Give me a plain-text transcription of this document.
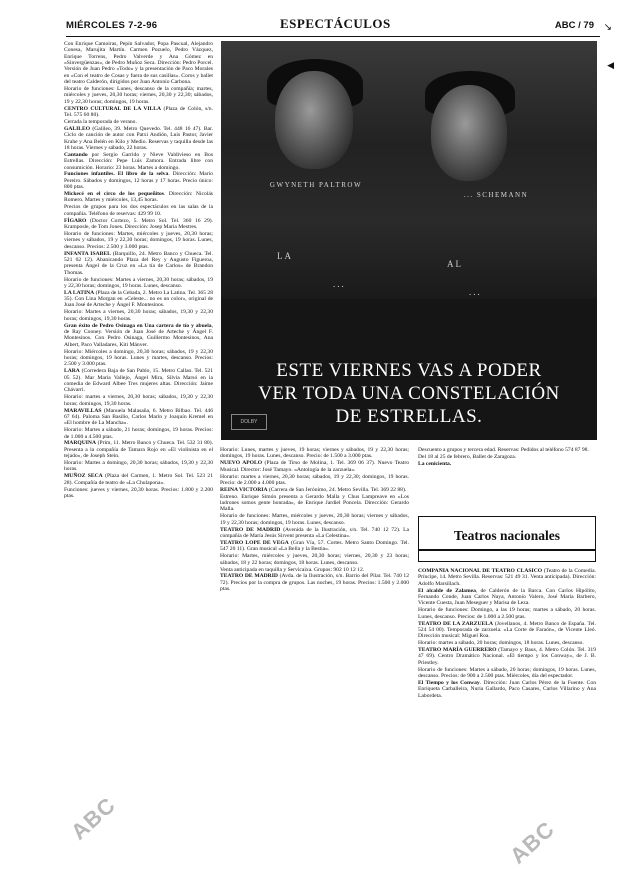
MIÉRCOLES 7-2-96	ESPECTÁCULOS	ABC / 79 ↘
◀

Con Enrique Camoiras, Pepín Salvador, Popa Pascual, Alejandro Conesa, Marujita Martín. Carmen Pozuelo, Pedro Vázquez, Enrique Torrens, Pedro Valverde y Ana Gómez en «Sinvergüenzas», de Pedro Muñoz Seca. Dirección: Pedro Porcel. Versión de Juan Pedro «Todo» y la presentación de Paco Morales en «Con el teatro de Cosas y fuera de sus casillas». Coros y ballet del teatro Calderón, dirigidos por Juan Antonio Carbona.

Horario de funciones: Lunes, descanso de la compañía; martes, miércoles y jueves, 20,30 horas; viernes, 20,30 y 22,30; sábados, 19 y 22,30 horas; domingos, 19 horas.

CENTRO CULTURAL DE LA VILLA (Plaza de Colón, s/n. Tel. 575 60 80).

Cerrada la temporada de verano.

GALILEO (Galileo, 39. Metro Quevedo. Tel. 448 16 47). Bar. Ciclo de canción de autor con Patxi Andión, Luis Pastor, Javier Krahe y Ana Belén en Kilo y Medio. Reservas y taquilla desde las 18 horas. Viernes y sábado, 22 horas.

Cantando por Sergio Garrido y Nieve Valdivieso en Bos Estrellas. Dirección: Pepe Luis Zamora. Entrada libre con consumición. Horario: 23 horas. Martes a domingo.

Funciones infantiles. El libro de la selva. Dirección: Mario Pereiro. Sábados y domingos, 12 horas y 17 horas. Precio único: 800 ptas.

Mickecé en el circo de los pequeñitos. Dirección: Nicolás Romero. Martes y miércoles, 13,45 horas.

Precios de grupos para los dos espectáculos en las salas de la compañía. Teléfono de reservas: 429 99 10.

FÍGARO (Doctor Cortezo, 5. Metro Sol. Tel. 360 16 29). Kramposle, de Tom Jones. Dirección: Josep Maria Mestres.

Horario de funciones: Martes, miércoles y jueves, 20,30 horas; viernes y sábados, 19 y 22,30 horas; domingos, 19 horas. Lunes, descanso. Precios: 2.500 y 3.000 ptas.

INFANTA ISABEL (Barquillo, 24. Metro Banco y Chueca. Tel. 521 02 12). Abanicando Plaza del Rey y Augusto Figueroa, presenta Ángel de la Cruz en «La tía de Carlos» de Brandon Thomas.

Horario de funciones: Martes a viernes, 20,30 horas; sábados, 19 y 22,30 horas; domingos, 19 horas. Lunes, descanso.

LA LATINA (Plaza de la Cebada, 2. Metro La Latina. Tel. 365 28 35). Con Lina Morgan en «Celeste... no es un color», original de Juan José de Arteche y Ángel F. Montesinos.

Horario: Martes a viernes, 20,30 horas; sábados, 19,30 y 22,30 horas; domingos, 19,30 horas.

Gran éxito de Pedro Osinaga en Una cartera de tío y abuela, de Ray Cooney. Versión de Juan José de Arteche y Ángel F. Montesinos. Con Pedro Osinaga, Guillermo Montesinos, Ana Albert, Paco Valladares, Kiti Mánver.

Horario: Miércoles a domingo, 20,30 horas; sábados, 19 y 22,30 horas; domingos, 19 horas. Lunes y martes, descanso. Precios: 2.500 y 3.000 ptas.

LARA (Corredera Baja de San Pablo, 15. Metro Callao. Tel. 521 05 52). Mar María Vallejo, Ángel Mira, Silvia Marsó en la comedia de Edward Albee Tres mujeres altas. Dirección: Jaime Chávarri.

Horario: martes a viernes, 20,30 horas; sábados, 19,30 y 22,30 horas; domingos, 19,30 horas.

MARAVILLAS (Manuela Malasaña, 6. Metro Bilbao. Tel. 446 67 64). Paloma San Basilio, Carlos Marín y Joaquín Kremel en «El hombre de La Mancha».

Horario: Martes a sábado, 21 horas; domingos, 19 horas. Precios: de 1.000 a 4.500 ptas.

MARQUINA (Prim, 11. Metro Banco y Chueca. Tel. 532 31 80). Presenta a la compañía de Tamara Rojo en «El violinista en el tejado», de Joseph Stein.

Horario: Martes a domingo, 20,30 horas; sábados, 19,30 y 22,30 horas.

MUÑOZ SECA (Plaza del Carmen, 1. Metro Sol. Tel. 523 21 28). Compañía de teatro de «La Chulapona».

Funciones: jueves y viernes, 20,30 horas. Precios: 1.800 y 2.200 ptas.

GWYNETH PALTROW
... SCHEMANN
LA
...
AL
...
ESTE VIERNES VAS A PODER
VER TODA UNA CONSTELACIÓN
DE ESTRELLAS.
DOLBY

Horario: Lunes, martes y jueves, 19 horas; viernes y sábados, 19 y 22,30 horas; domingos, 19 horas. Lunes, descanso. Precio: de 1.500 a 3.000 ptas.

NUEVO APOLO (Plaza de Tirso de Molina, 1. Tel. 369 06 37). Nuevo Teatro Musical. Director: José Tamayo. «Antología de la zarzuela».

Horario: martes a viernes, 20,30 horas; sábados, 19 y 22,30; domingos, 19 horas. Precio: de 2.000 a 4.000 ptas.

REINA VICTORIA (Carrera de San Jerónimo, 24. Metro Sevilla. Tel. 369 22 88).

Estreno. Enrique Simón presenta a Gerardo Malla y Chus Lampreave en «Los ladrones somos gente honrada», de Enrique Jardiel Poncela. Dirección: Gerardo Malla.

Horario de funciones: Martes, miércoles y jueves, 20,30 horas; viernes y sábados, 19 y 22,30 horas; domingos, 19 horas. Lunes, descanso.

TEATRO DE MADRID (Avenida de la Ilustración, s/n. Tel. 740 12 72). La compañía de María Jesús Sirvent presenta «La Celestina».

TEATRO LOPE DE VEGA (Gran Vía, 57. Cortes. Metro Santo Domingo. Tel. 547 20 11). Gran musical «La Bella y la Bestia».

Horario: Martes, miércoles y jueves, 20,30 horas; viernes, 20,30 y 23 horas; sábados, 18 y 22 horas; domingos, 18 horas. Lunes, descanso.

Venta anticipada en taquilla y Servicaixa. Grupos: 902 10 12 12.

TEATRO DE MADRID (Avda. de la Ilustración, s/n. Barrio del Pilar. Tel. 740 12 72). Precios por la compra de grupos. Las noches, 19 horas. Precios: 1.500 y 2.000 ptas.

Descuento a grupos y tercera edad. Reservas: Pedidos al teléfono 574 87 98.

Del 18 al 25 de febrero, Ballet de Zaragoza.

La cenicienta.

Teatros nacionales

COMPAÑÍA NACIONAL DE TEATRO CLÁSICO (Teatro de la Comedia. Príncipe, 14. Metro Sevilla. Reservas: 521 49 31. Venta anticipada). Dirección: Adolfo Marsillach.

El alcalde de Zalamea, de Calderón de la Barca. Con Carlos Hipólito, Fernando Conde, Juan Carlos Naya, Antonio Valero, José María Barbero, Vicente Cuesta, Juan Meseguer y Marisa de Leza.

Horario de funciones: Domingo, a las 19 horas; martes a sábado, 20 horas. Lunes, descanso. Precios: de 1.000 a 2.500 ptas.

TEATRO DE LA ZARZUELA (Jovellanos, 4. Metro Banco de España. Tel. 524 54 00). Temporada de zarzuela. «La Corte de Faraón», de Vicente Lleó. Dirección musical: Miguel Roa.

Horario: martes a sábado, 20 horas; domingos, 18 horas. Lunes, descanso.

TEATRO MARÍA GUERRERO (Tamayo y Baus, 4. Metro Colón. Tel. 319 47 69). Centro Dramático Nacional. «El tiempo y los Conway», de J. B. Priestley.

Horario de funciones: Martes a sábado, 20 horas; domingos, 19 horas. Lunes, descanso. Precios: de 900 a 2.500 ptas. Miércoles, día del espectador.

El Tiempo y los Conway. Dirección: Juan Carlos Pérez de la Fuente. Con Enriqueta Carballeira, Nuria Gallardo, Paco Casares, Carlos Villarino y Ana Labordeta.

ABC	ABC
